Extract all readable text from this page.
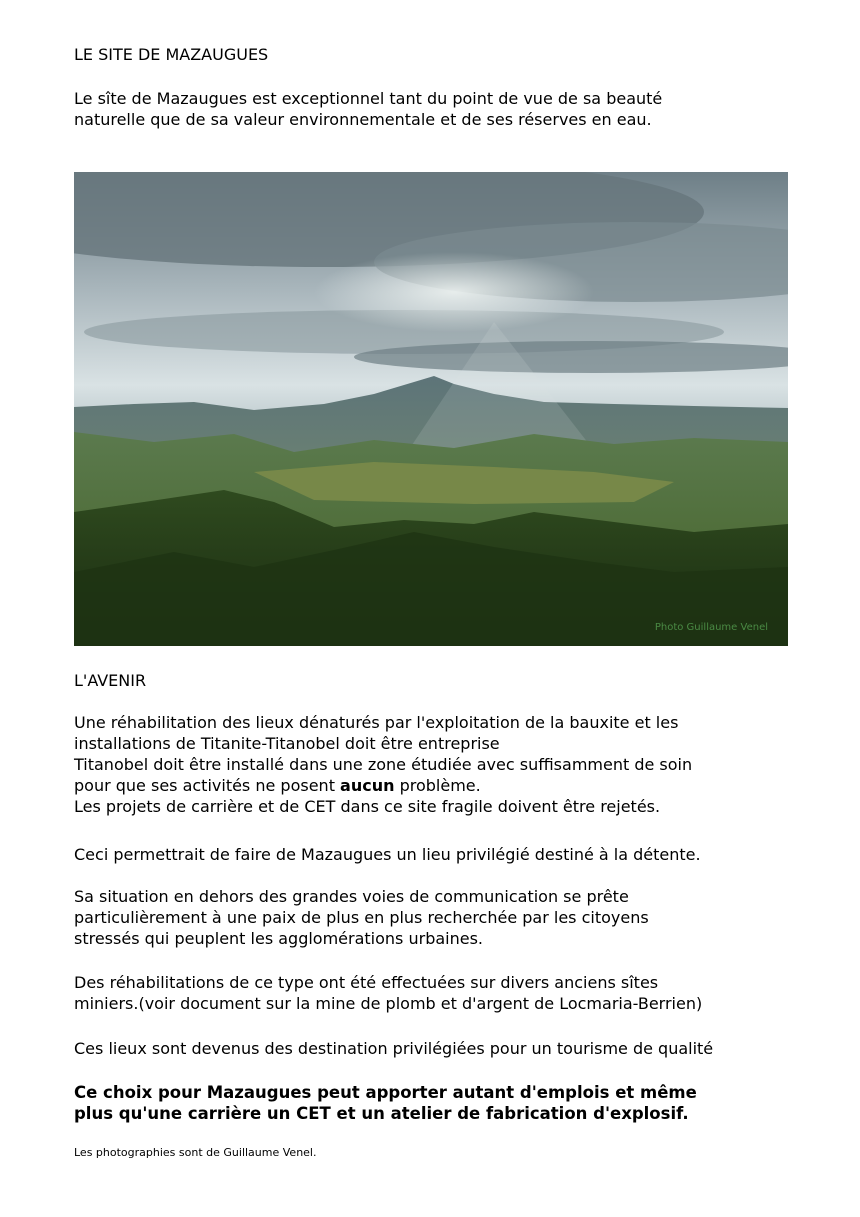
LE SITE DE MAZAUGUES

Le sîte de Mazaugues est exceptionnel tant du point de vue de sa beauté
naturelle que de sa valeur environnementale et de ses réserves en eau.

Photo Guillaume Venel
L'AVENIR

Une réhabilitation des lieux dénaturés par l'exploitation de la bauxite et les
installations de Titanite-Titanobel doit être entreprise
Titanobel doit être installé dans une zone étudiée avec suffisamment de soin
pour que ses activités ne posent aucun problème.
Les projets de carrière et de CET dans ce site fragile doivent être rejetés.

Ceci permettrait de faire de Mazaugues un lieu privilégié destiné à la détente.

Sa situation en dehors des grandes voies de communication se prête
particulièrement à une paix de plus en plus recherchée par les citoyens
stressés qui peuplent les agglomérations urbaines.

Des réhabilitations de ce type ont été effectuées sur divers anciens sîtes
miniers.(voir document sur la mine de plomb et d'argent de Locmaria-Berrien)

Ces lieux sont devenus des destination privilégiées pour un tourisme de qualité

Ce choix pour Mazaugues peut apporter autant d'emplois et même
plus qu'une carrière un CET et un atelier de fabrication d'explosif.

Les photographies sont de Guillaume Venel.
